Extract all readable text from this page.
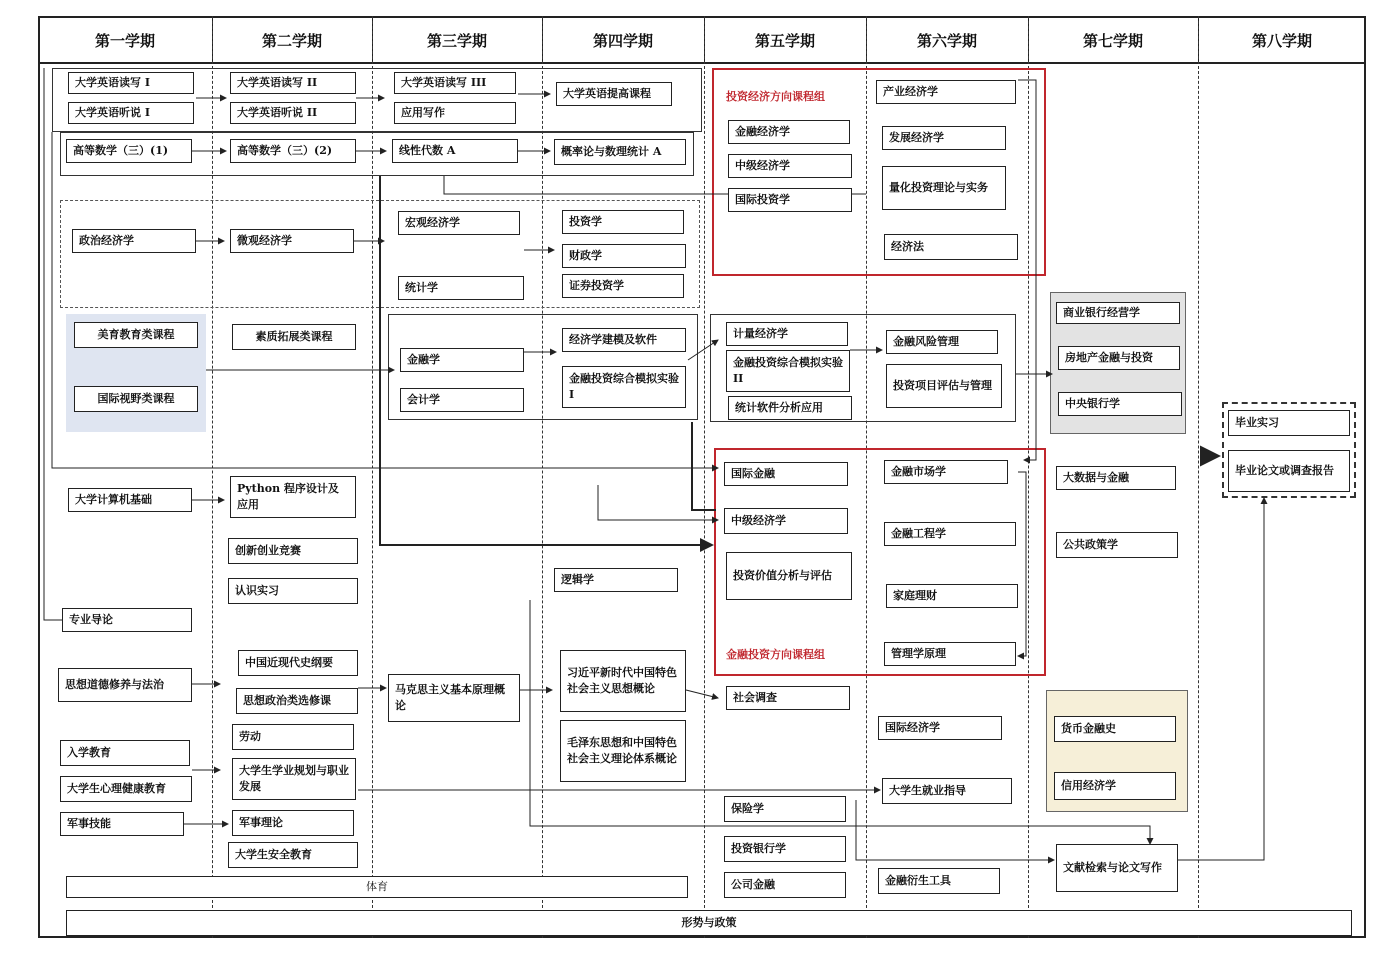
第一学期	第二学期	第三学期	第四学期	第五学期	第六学期	第七学期	第八学期
投资经济方向课程组
金融投资方向课程组
大学英语读写 I
大学英语听说 I
高等数学（三）(1)
政治经济学
美育教育类课程
国际视野类课程
大学计算机基础
专业导论
思想道德修养与法治
入学教育
大学生心理健康教育
军事技能
大学英语读写 II
大学英语听说 II
高等数学（三）(2)
微观经济学
素质拓展类课程
Python 程序设计及应用
创新创业竞赛
认识实习
中国近现代史纲要
思想政治类选修课
劳动
大学生学业规划与职业发展
军事理论
大学生安全教育
大学英语读写 III
应用写作
线性代数 A
宏观经济学
统计学
金融学
会计学
马克思主义基本原理概论
大学英语提高课程
概率论与数理统计 A
投资学
财政学
证券投资学
经济学建模及软件
金融投资综合模拟实验 I
逻辑学
习近平新时代中国特色社会主义思想概论
毛泽东思想和中国特色社会主义理论体系概论
金融经济学
中级经济学
国际投资学
计量经济学
金融投资综合模拟实验 II
统计软件分析应用
国际金融
中级经济学
投资价值分析与评估
社会调查
保险学
投资银行学
公司金融
产业经济学
发展经济学
量化投资理论与实务
经济法
金融风险管理
投资项目评估与管理
金融市场学
金融工程学
家庭理财
管理学原理
国际经济学
大学生就业指导
金融衍生工具
商业银行经营学
房地产金融与投资
中央银行学
大数据与金融
公共政策学
货币金融史
信用经济学
文献检索与论文写作
毕业实习
毕业论文或调查报告
体育
形势与政策
